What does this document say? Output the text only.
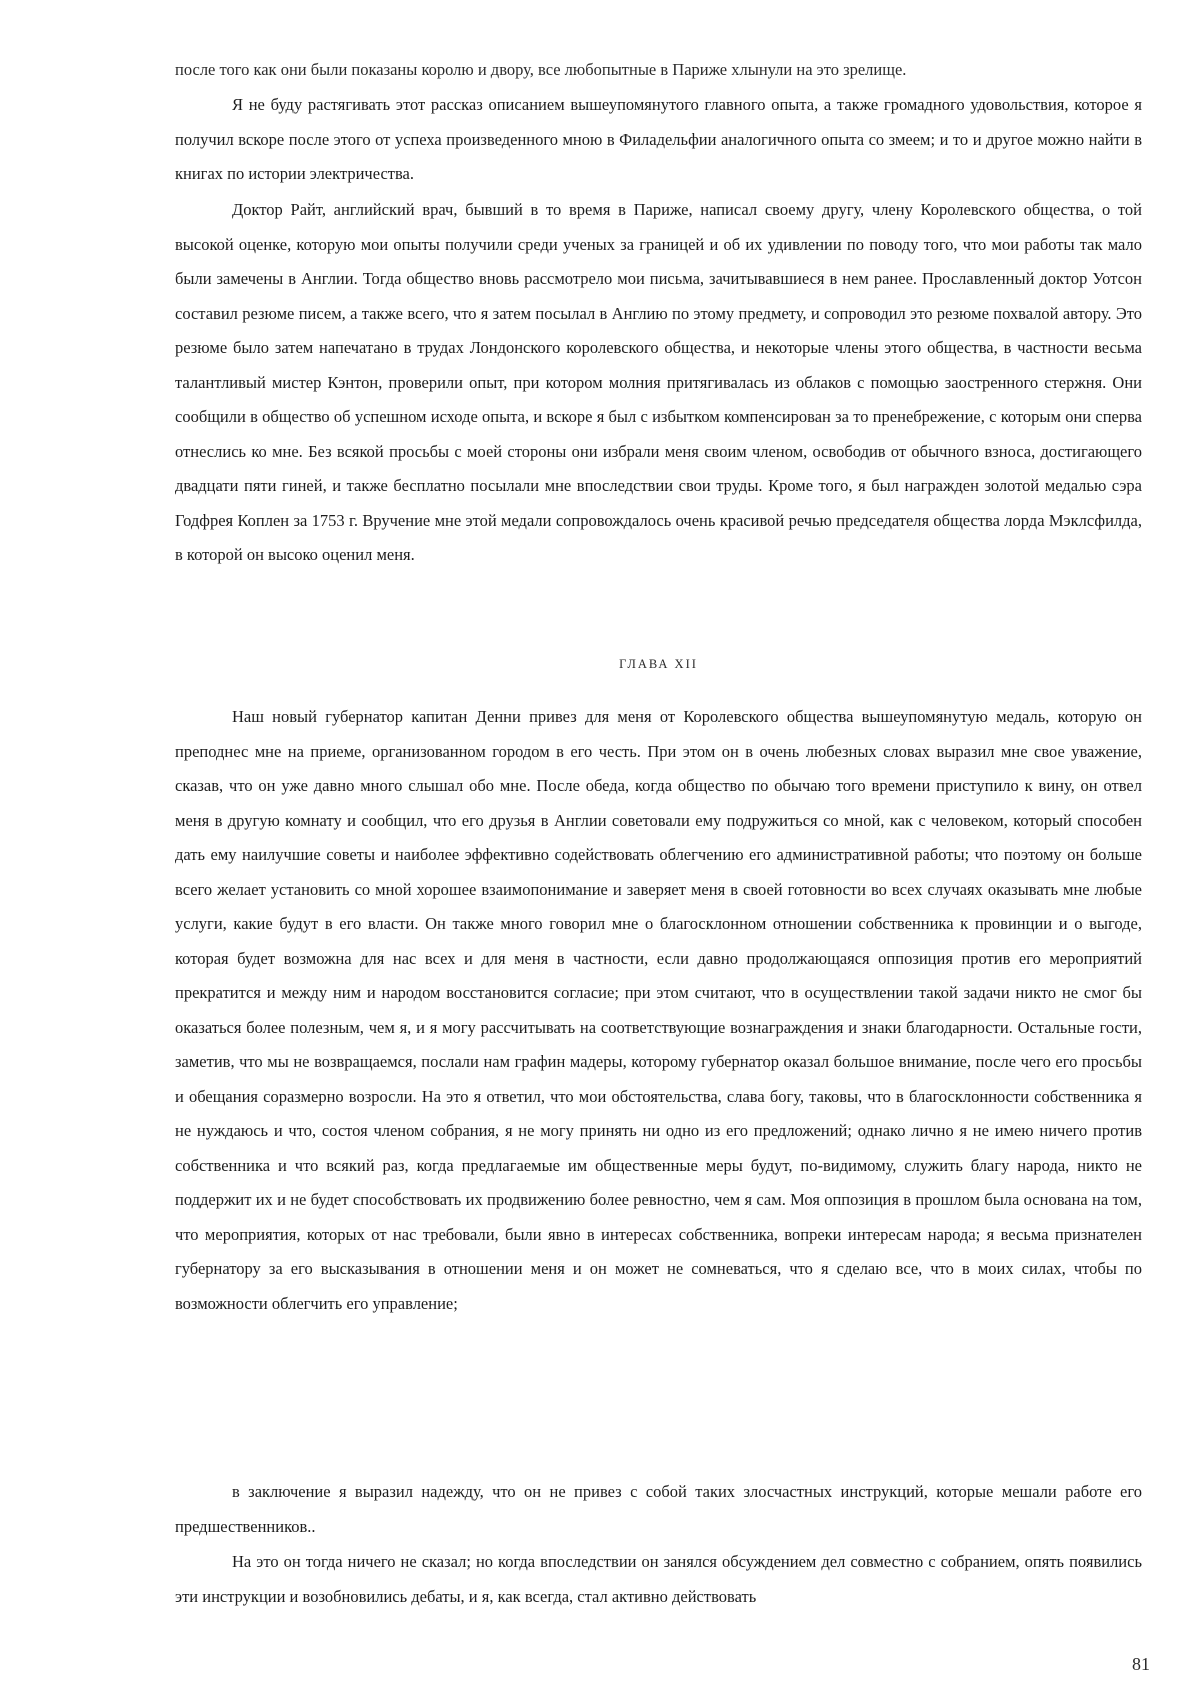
после того как они были показаны королю и двору, все любопытные в Париже хлынули на это зрелище.

Я не буду растягивать этот рассказ описанием вышеупомянутого главного опыта, а также громадного удовольствия, которое я получил вскоре после этого от успеха произведенного мною в Филадельфии аналогичного опыта со змеем; и то и другое можно найти в книгах по истории электричества.

Доктор Райт, английский врач, бывший в то время в Париже, написал своему другу, члену Королевского общества, о той высокой оценке, которую мои опыты получили среди ученых за границей и об их удивлении по поводу того, что мои работы так мало были замечены в Англии. Тогда общество вновь рассмотрело мои письма, зачитывавшиеся в нем ранее. Прославленный доктор Уотсон составил резюме писем, а также всего, что я затем посылал в Англию по этому предмету, и сопроводил это резюме похвалой автору. Это резюме было затем напечатано в трудах Лондонского королевского общества, и некоторые члены этого общества, в частности весьма талантливый мистер Кэнтон, проверили опыт, при котором молния притягивалась из облаков с помощью заостренного стержня. Они сообщили в общество об успешном исходе опыта, и вскоре я был с избытком компенсирован за то пренебрежение, с которым они сперва отнеслись ко мне. Без всякой просьбы с моей стороны они избрали меня своим членом, освободив от обычного взноса, достигающего двадцати пяти гиней, и также бесплатно посылали мне впоследствии свои труды. Кроме того, я был награжден золотой медалью сэра Годфрея Коплен за 1753 г. Вручение мне этой медали сопровождалось очень красивой речью председателя общества лорда Мэклсфилда, в которой он высоко оценил меня.

ГЛАВА XII

Наш новый губернатор капитан Денни привез для меня от Королевского общества вышеупомянутую медаль, которую он преподнес мне на приеме, организованном городом в его честь. При этом он в очень любезных словах выразил мне свое уважение, сказав, что он уже давно много слышал обо мне. После обеда, когда общество по обычаю того времени приступило к вину, он отвел меня в другую комнату и сообщил, что его друзья в Англии советовали ему подружиться со мной, как с человеком, который способен дать ему наилучшие советы и наиболее эффективно содействовать облегчению его административной работы; что поэтому он больше всего желает установить со мной хорошее взаимопонимание и заверяет меня в своей готовности во всех случаях оказывать мне любые услуги, какие будут в его власти. Он также много говорил мне о благосклонном отношении собственника к провинции и о выгоде, которая будет возможна для нас всех и для меня в частности, если давно продолжающаяся оппозиция против его мероприятий прекратится и между ним и народом восстановится согласие; при этом считают, что в осуществлении такой задачи никто не смог бы оказаться более полезным, чем я, и я могу рассчитывать на соответствующие вознаграждения и знаки благодарности. Остальные гости, заметив, что мы не возвращаемся, послали нам графин мадеры, которому губернатор оказал большое внимание, после чего его просьбы и обещания соразмерно возросли. На это я ответил, что мои обстоятельства, слава богу, таковы, что в благосклонности собственника я не нуждаюсь и что, состоя членом собрания, я не могу принять ни одно из его предложений; однако лично я не имею ничего против собственника и что всякий раз, когда предлагаемые им общественные меры будут, по-видимому, служить благу народа, никто не поддержит их и не будет способствовать их продвижению более ревностно, чем я сам. Моя оппозиция в прошлом была основана на том, что мероприятия, которых от нас требовали, были явно в интересах собственника, вопреки интересам народа; я весьма признателен губернатору за его высказывания в отношении меня и он может не сомневаться, что я сделаю все, что в моих силах, чтобы по возможности облегчить его управление;

в заключение я выразил надежду, что он не привез с собой таких злосчастных инструкций, которые мешали работе его предшественников..

На это он тогда ничего не сказал; но когда впоследствии он занялся обсуждением дел совместно с собранием, опять появились эти инструкции и возобновились дебаты, и я, как всегда, стал активно действовать

81
